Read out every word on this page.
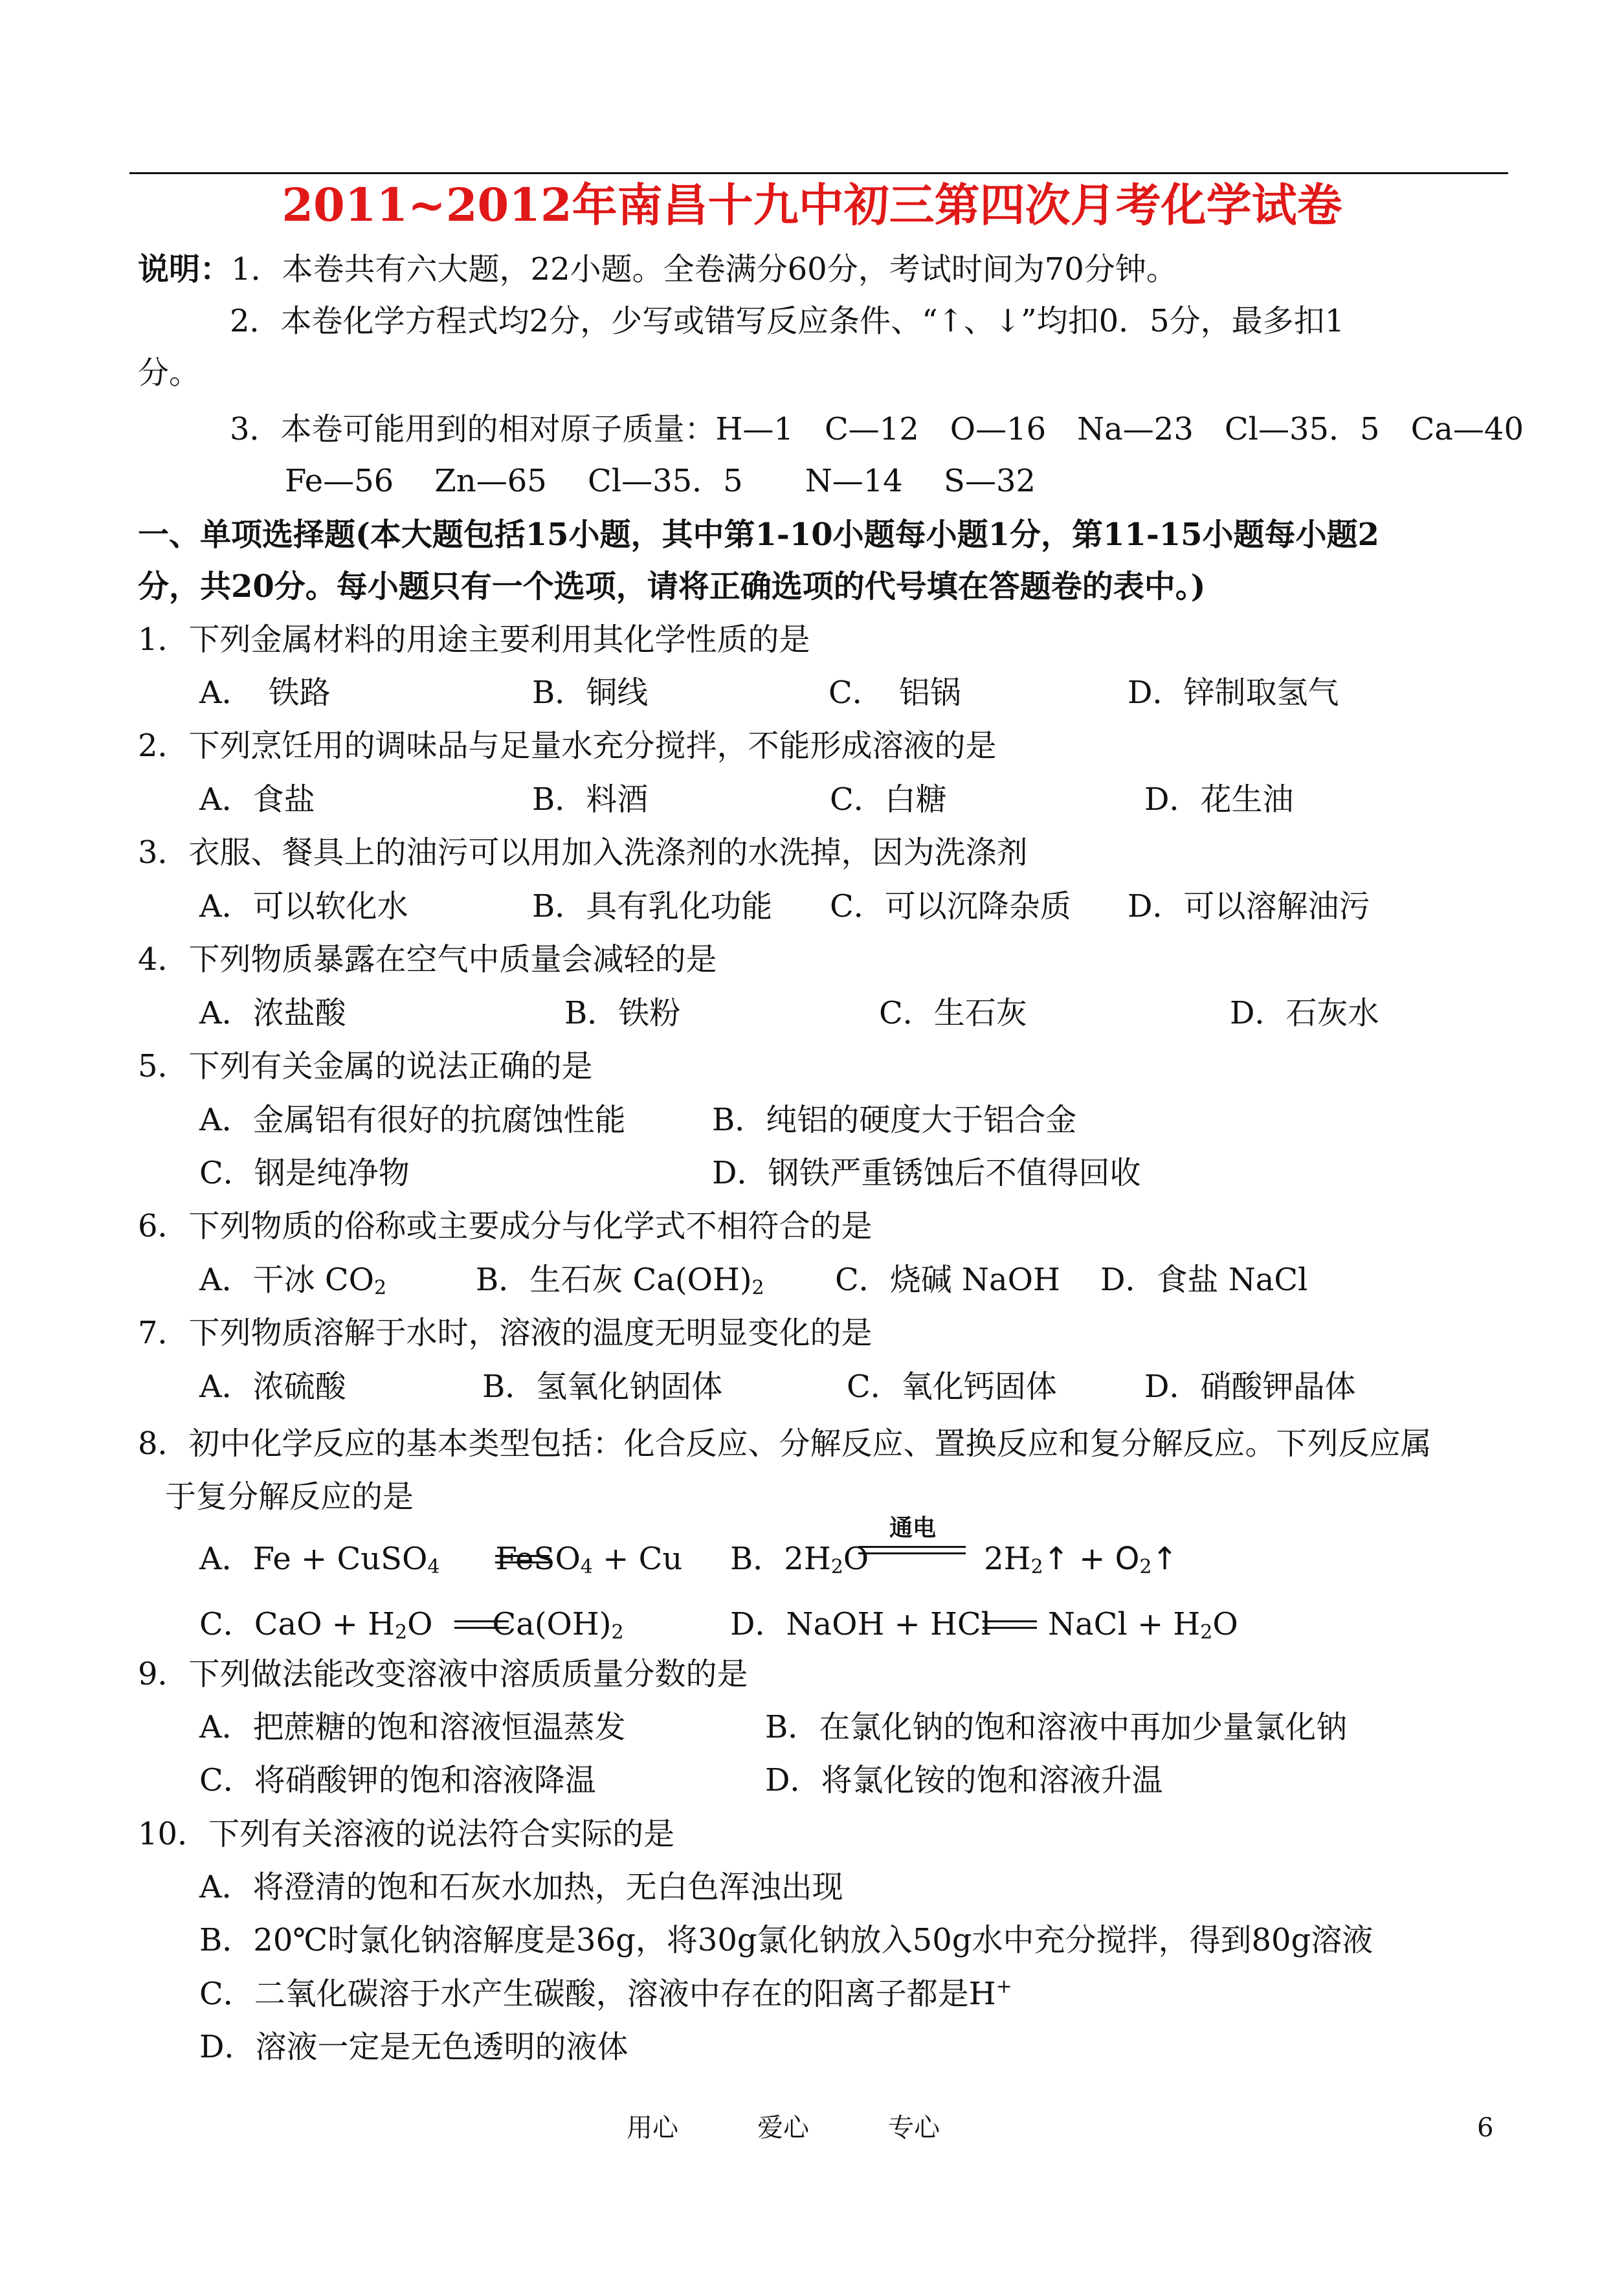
2011~2012年南昌十九中初三第四次月考化学试卷
说明：1．本卷共有六大题，22小题。全卷满分60分，考试时间为70分钟。
2．本卷化学方程式均2分，少写或错写反应条件、“↑、↓”均扣0．5分，最多扣1
分。
3．本卷可能用到的相对原子质量：H—1　C—12　O—16　Na—23　Cl—35．5　Ca—40
Fe—56　 Zn—65　 Cl—35．5　　N—14　 S—32
一、单项选择题(本大题包括15小题，其中第1-10小题每小题1分，第11-15小题每小题2
分，共20分。每小题只有一个选项，请将正确选项的代号填在答题卷的表中。)
1．下列金属材料的用途主要利用其化学性质的是
A．　铁路	B．铜线	C．　铝锅	D．锌制取氢气
2．下列烹饪用的调味品与足量水充分搅拌，不能形成溶液的是
A．食盐	B．料酒	C．白糖	D．花生油
3．衣服、餐具上的油污可以用加入洗涤剂的水洗掉，因为洗涤剂
A．可以软化水	B．具有乳化功能 C．可以沉降杂质 D．可以溶解油污
4．下列物质暴露在空气中质量会减轻的是
A．浓盐酸	B．铁粉	C．生石灰	D．石灰水
5．下列有关金属的说法正确的是
A．金属铝有很好的抗腐蚀性能	B．纯铝的硬度大于铝合金
C．钢是纯净物	D．钢铁严重锈蚀后不值得回收
6．下列物质的俗称或主要成分与化学式不相符合的是
A．干冰 $CO_2$	B．生石灰 $Ca(OH)_2$ C．烧碱 NaOH D．食盐 NaCl
7．下列物质溶解于水时，溶液的温度无明显变化的是
A．浓硫酸	B．氢氧化钠固体	C．氧化钙固体	D．硝酸钾晶体
8．初中化学反应的基本类型包括：化合反应、分解反应、置换反应和复分解反应。下列反应属
于复分解反应的是
A．Fe + CuSO$_4$ FeSO$_4$ + Cu B．$2H_2O$	$2H_2↑$ + $O_2↑$
通电
C．CaO + $H_2O$ $Ca(OH)_2$	D．NaOH + HCl NaCl + $H_2O$
9．下列做法能改变溶液中溶质质量分数的是
A．把蔗糖的饱和溶液恒温蒸发	B．在氯化钠的饱和溶液中再加少量氯化钠
C．将硝酸钾的饱和溶液降温	D．将氯化铵的饱和溶液升温
10．下列有关溶液的说法符合实际的是
A．将澄清的饱和石灰水加热，无白色浑浊出现
B．20℃时氯化钠溶解度是36g，将30g氯化钠放入50g水中充分搅拌，得到80g溶液
C．二氧化碳溶于水产生碳酸，溶液中存在的阳离子都是H+
D．溶液一定是无色透明的液体
用心	爱心	专心	6
